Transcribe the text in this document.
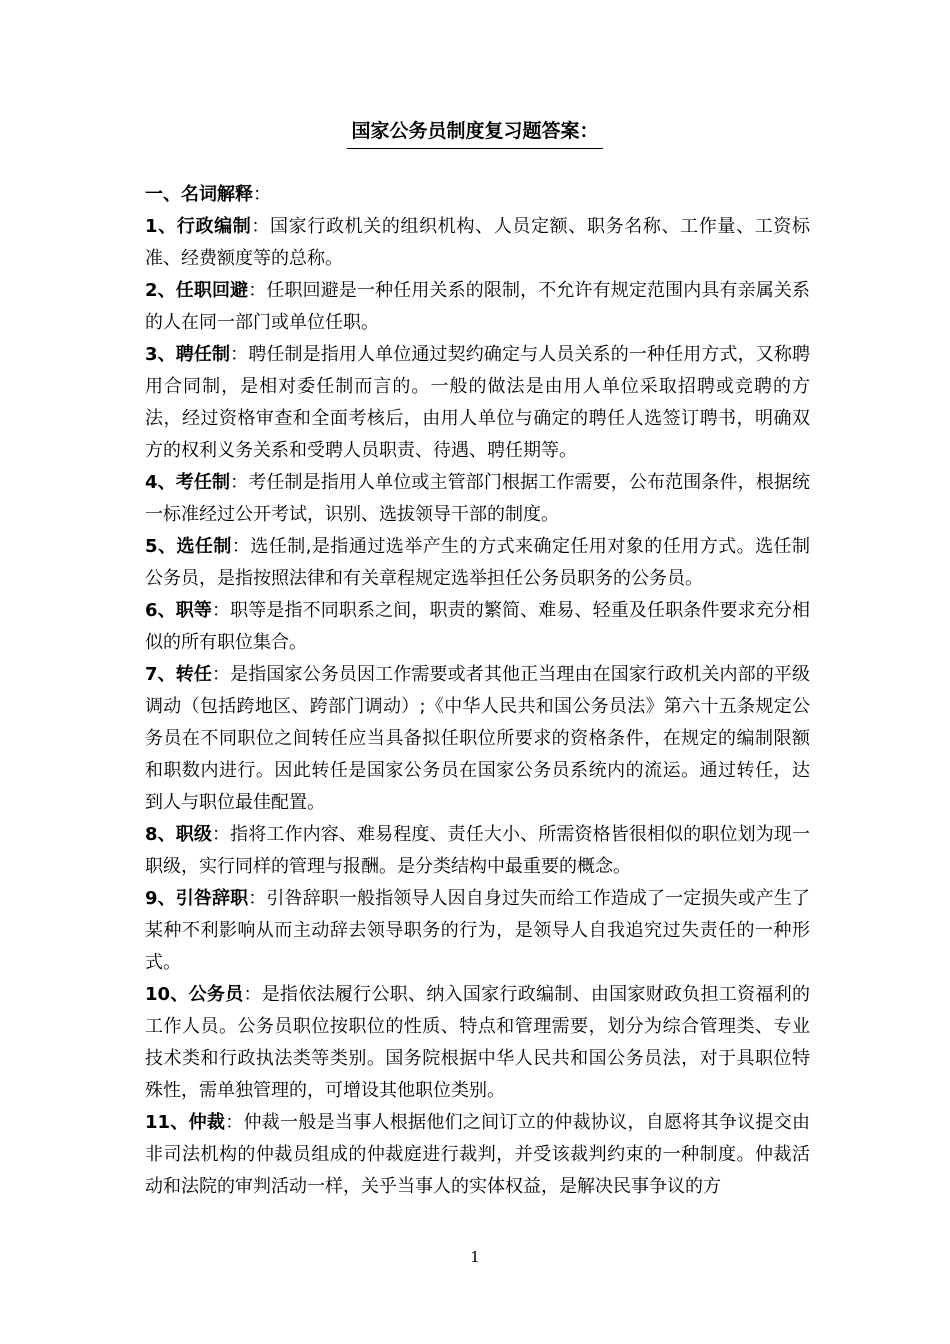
国家公务员制度复习题答案：

一、名词解释：

1、行政编制：国家行政机关的组织机构、人员定额、职务名称、工作量、工资标准、经费额度等的总称。

2、任职回避：任职回避是一种任用关系的限制，不允许有规定范围内具有亲属关系的人在同一部门或单位任职。

3、聘任制：聘任制是指用人单位通过契约确定与人员关系的一种任用方式，又称聘用合同制，是相对委任制而言的。一般的做法是由用人单位采取招聘或竞聘的方法，经过资格审查和全面考核后，由用人单位与确定的聘任人选签订聘书，明确双方的权利义务关系和受聘人员职责、待遇、聘任期等。

4、考任制：考任制是指用人单位或主管部门根据工作需要，公布范围条件，根据统一标准经过公开考试，识别、选拔领导干部的制度。

5、选任制：选任制,是指通过选举产生的方式来确定任用对象的任用方式。选任制公务员，是指按照法律和有关章程规定选举担任公务员职务的公务员。

6、职等：职等是指不同职系之间，职责的繁简、难易、轻重及任职条件要求充分相似的所有职位集合。

7、转任：是指国家公务员因工作需要或者其他正当理由在国家行政机关内部的平级调动（包括跨地区、跨部门调动）;《中华人民共和国公务员法》第六十五条规定公务员在不同职位之间转任应当具备拟任职位所要求的资格条件，在规定的编制限额和职数内进行。因此转任是国家公务员在国家公务员系统内的流运。通过转任，达到人与职位最佳配置。

8、职级：指将工作内容、难易程度、责任大小、所需资格皆很相似的职位划为现一职级，实行同样的管理与报酬。是分类结构中最重要的概念。

9、引咎辞职：引咎辞职一般指领导人因自身过失而给工作造成了一定损失或产生了某种不利影响从而主动辞去领导职务的行为，是领导人自我追究过失责任的一种形式。

10、公务员：是指依法履行公职、纳入国家行政编制、由国家财政负担工资福利的工作人员。公务员职位按职位的性质、特点和管理需要，划分为综合管理类、专业技术类和行政执法类等类别。国务院根据中华人民共和国公务员法，对于具职位特殊性，需单独管理的，可增设其他职位类别。

11、仲裁：仲裁一般是当事人根据他们之间订立的仲裁协议，自愿将其争议提交由非司法机构的仲裁员组成的仲裁庭进行裁判，并受该裁判约束的一种制度。仲裁活动和法院的审判活动一样，关乎当事人的实体权益，是解决民事争议的方

1
